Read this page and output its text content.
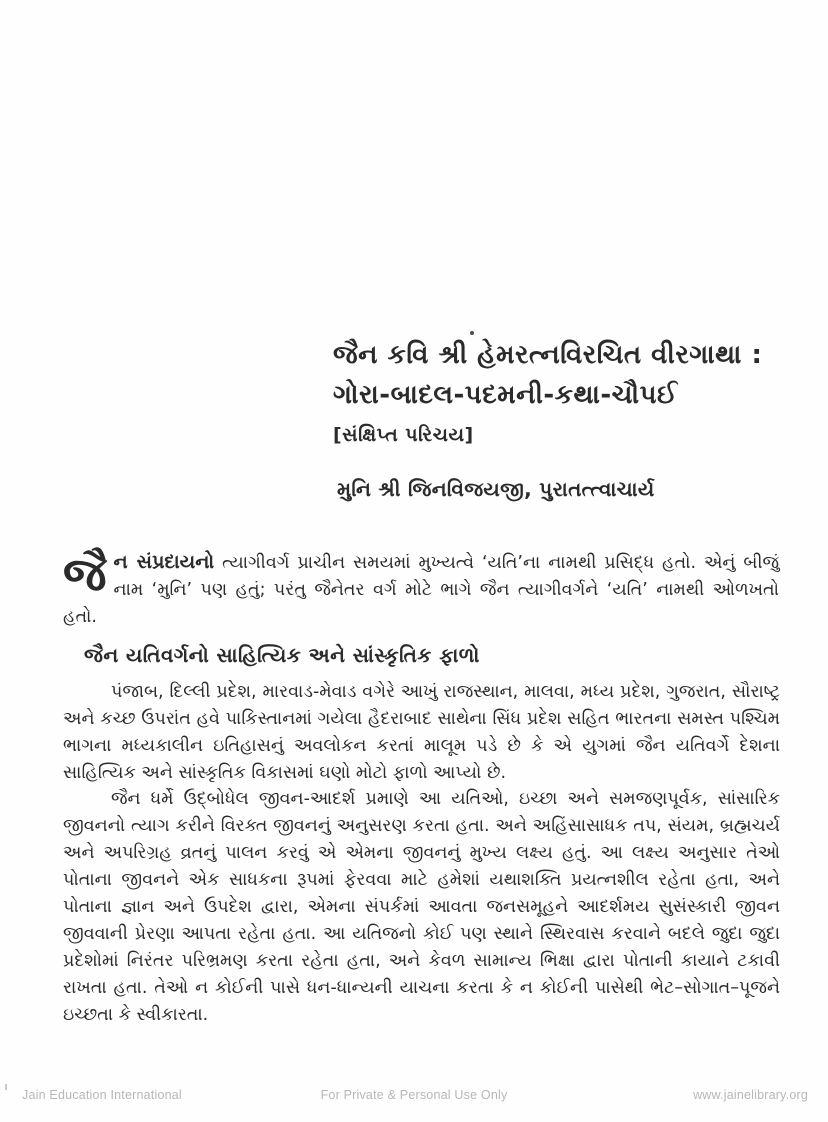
જૈન કવિ શ્રી હેમરત્નવિરચિત વીરગાથા :
ગોરા-બાદલ-પદમની-કથા-ચૌપઈ
[સંક્ષિપ્ત પરિચય]
મુનિ શ્રી જિનવિજયજી, પુરાતત્ત્વાચાર્ય
જૈન સંપ્રદાયનો ત્યાગીવર્ગ પ્રાચીન સમયમાં મુખ્યત્વે ‘યતિ’ના નામથી પ્રસિદ્ધ હતો. એનું બીજું નામ ‘મુનિ’ પણ હતું; પરંતુ જૈનેતર વર્ગ મોટે ભાગે જૈન ત્યાગીવર્ગને ‘યતિ’ નામથી ઓળખતો હતો.
જૈન યતિવર્ગનો સાહિત્યિક અને સાંસ્કૃતિક ફાળો
પંજાબ, દિલ્લી પ્રદેશ, મારવાડ-મેવાડ વગેરે આખું રાજસ્થાન, માલવા, મધ્ય પ્રદેશ, ગુજરાત, સૌરાષ્ટ્ર અને કચ્છ ઉપરાંત હવે પાકિસ્તાનમાં ગયેલા હૈદરાબાદ સાથેના સિંધ પ્રદેશ સહિત ભારતના સમસ્ત પશ્ચિમ ભાગના મધ્યકાલીન ઇતિહાસનું અવલોકન કરતાં માલૂમ પડે છે કે એ યુગમાં જૈન યતિવર્ગે દેશના સાહિત્યિક અને સાંસ્કૃતિક વિકાસમાં ઘણો મોટો ફાળો આપ્યો છે.
જૈન ધર્મે ઉદ્બોધેલ જીવન-આદર્શ પ્રમાણે આ યતિઓ, ઇચ્છા અને સમજણપૂર્વક, સાંસારિક જીવનનો ત્યાગ કરીને વિરક્ત જીવનનું અનુસરણ કરતા હતા. અને અહિંસાસાધક તપ, સંયમ, બ્રહ્મચર્ય અને અપરિગ્રહ વ્રતનું પાલન કરવું એ એમના જીવનનું મુખ્ય લક્ષ્ય હતું. આ લક્ષ્ય અનુસાર તેઓ પોતાના જીવનને એક સાધકના રૂપમાં ફેરવવા માટે હમેશાં યથાશક્તિ પ્રયત્નશીલ રહેતા હતા, અને પોતાના જ્ઞાન અને ઉપદેશ દ્વારા, એમના સંપર્કમાં આવતા જનસમૂહને આદર્શમય સુસંસ્કારી જીવન જીવવાની પ્રેરણા આપતા રહેતા હતા. આ યતિજનો કોઈ પણ સ્થાને સ્થિરવાસ કરવાને બદલે જુદા જુદા પ્રદેશોમાં નિરંતર પરિભ્રમણ કરતા રહેતા હતા, અને કેવળ સામાન્ય ભિક્ષા દ્વારા પોતાની કાયાને ટકાવી રાખતા હતા. તેઓ ન કોઈની પાસે ધન-ધાન્યની યાચના કરતા કે ન કોઈની પાસેથી ભેટ–સોગાત–પૂજને ઇચ્છતા કે સ્વીકારતા.
Jain Education International	For Private & Personal Use Only	www.jainelibrary.org
